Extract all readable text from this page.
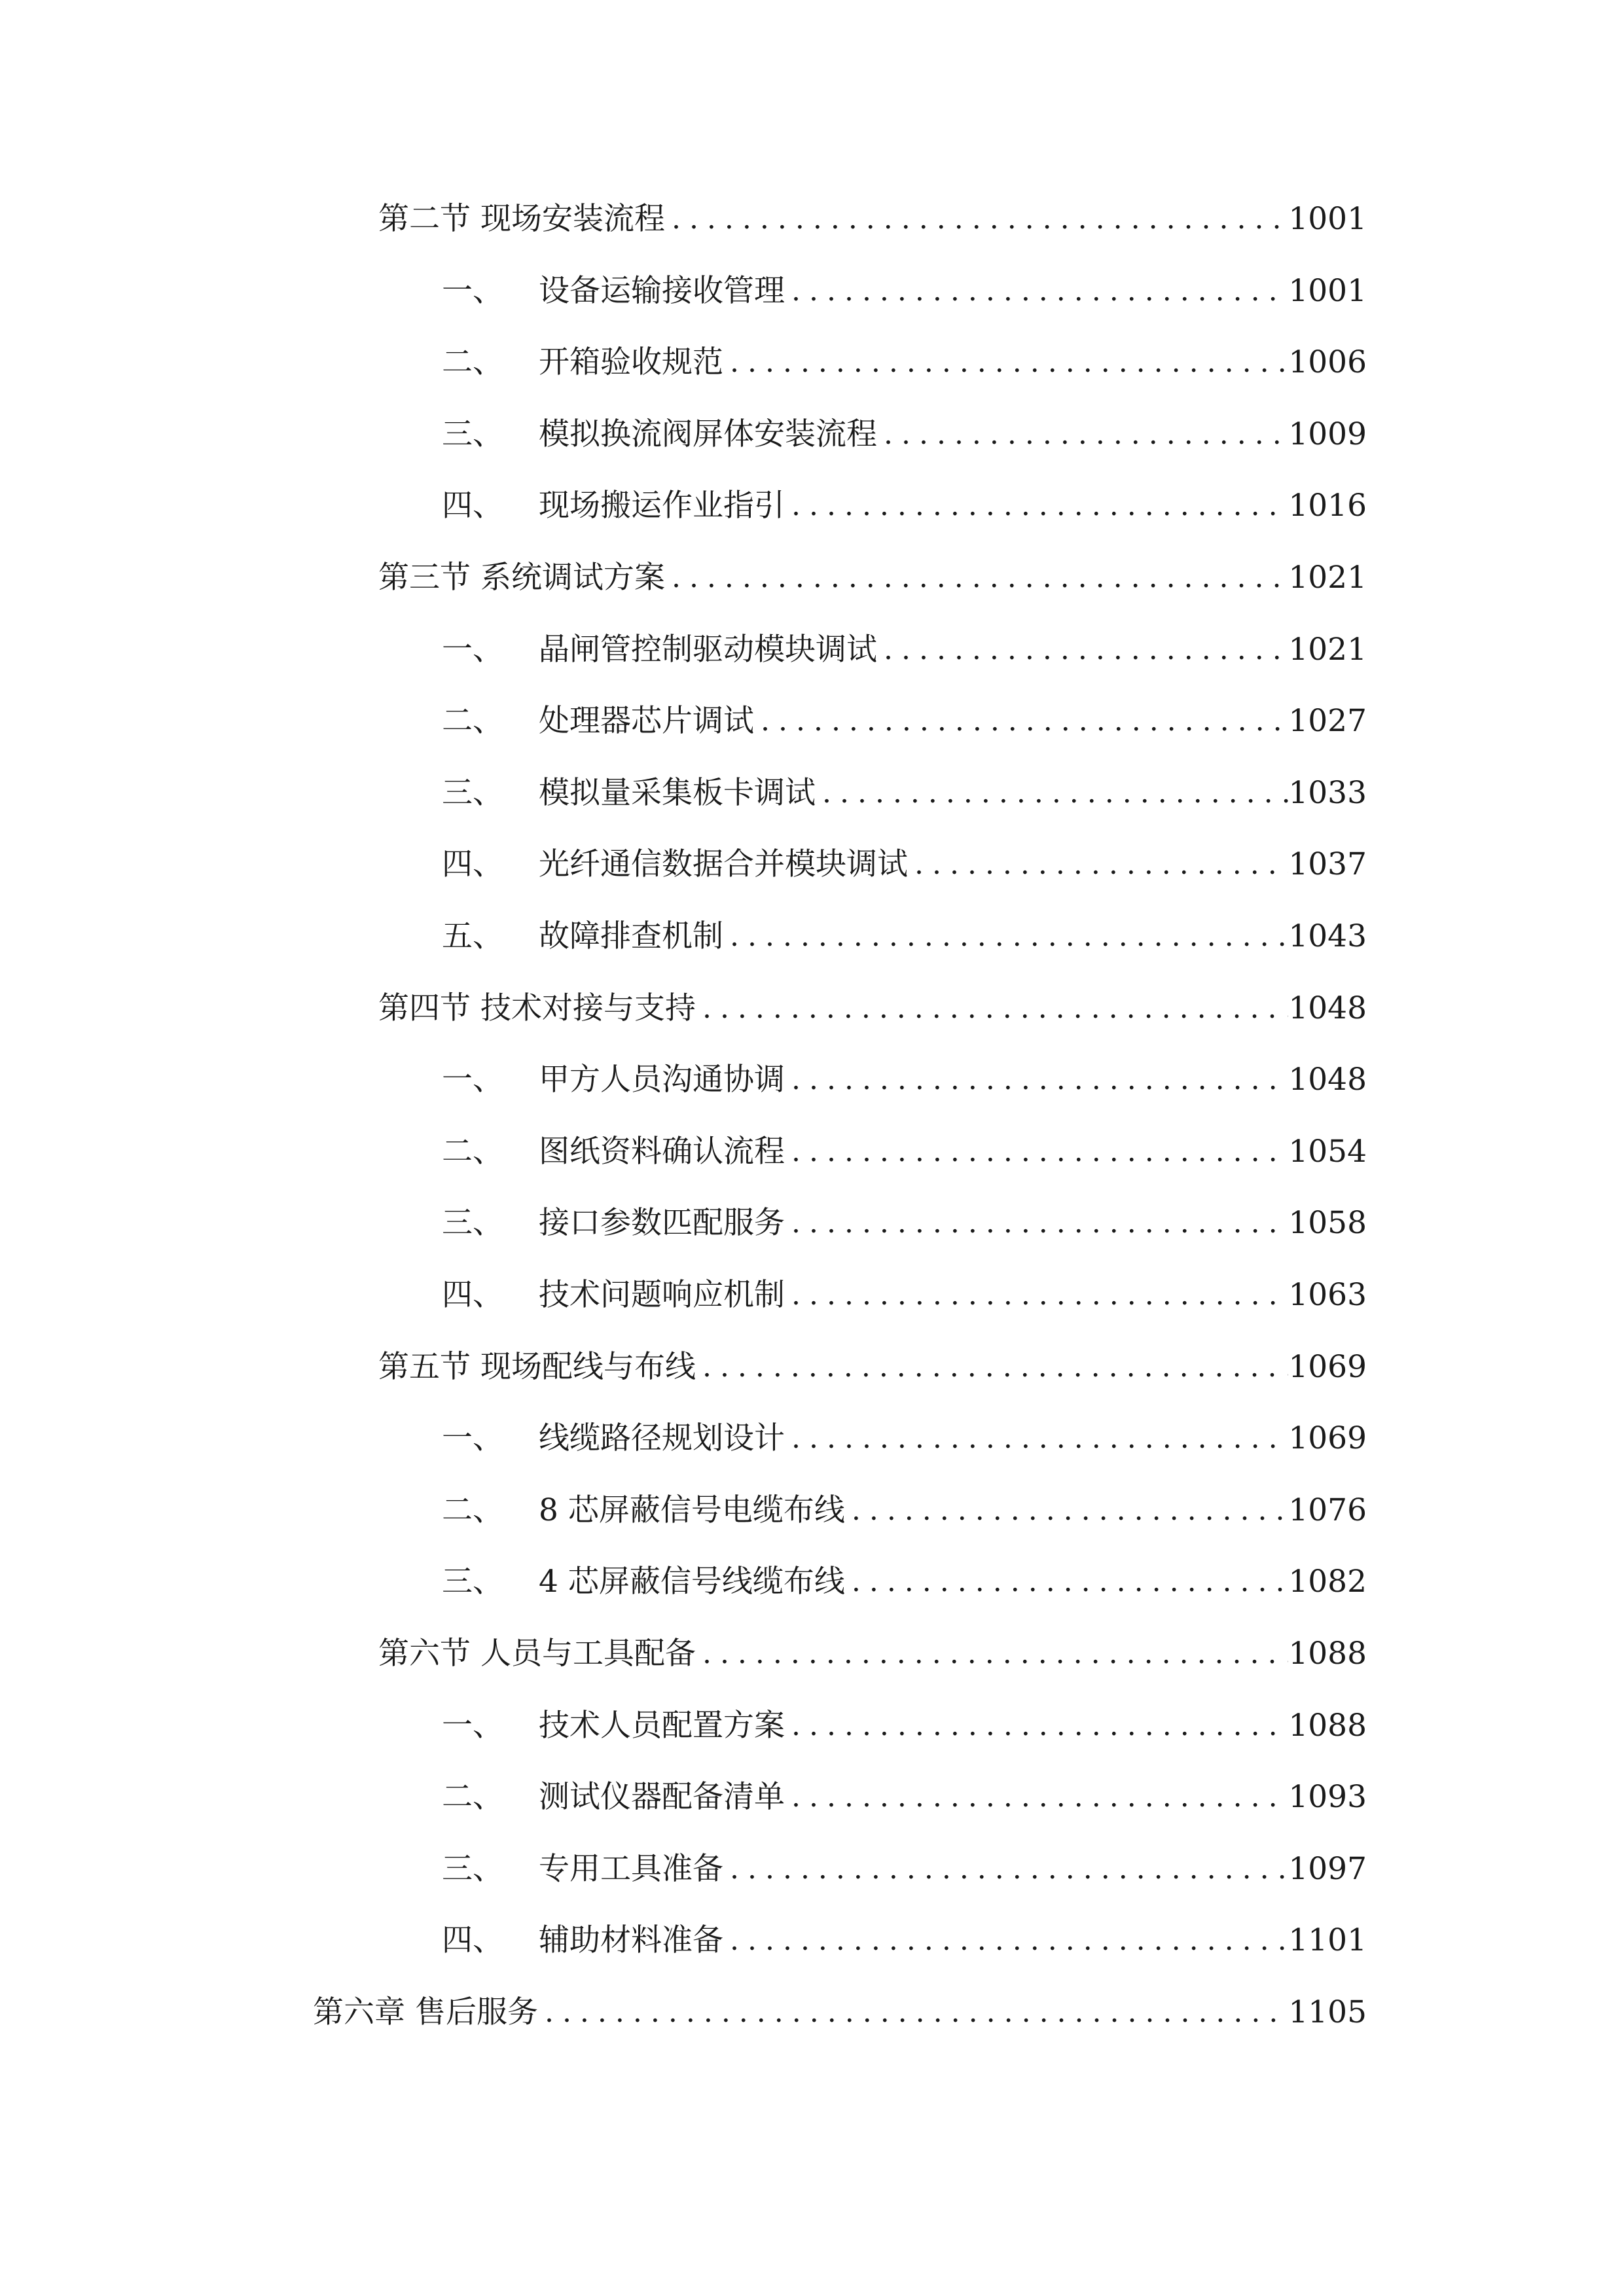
第二节 现场安装流程 .....	1001
一、	设备运输接收管理 .....	1001
二、	开箱验收规范 .....	1006
三、	模拟换流阀屏体安装流程 .....	1009
四、	现场搬运作业指引 .....	1016
第三节 系统调试方案 .....	1021
一、	晶闸管控制驱动模块调试 .....	1021
二、	处理器芯片调试 .....	1027
三、	模拟量采集板卡调试 .....	1033
四、	光纤通信数据合并模块调试 .....	1037
五、	故障排查机制 .....	1043
第四节 技术对接与支持 .....	1048
一、	甲方人员沟通协调 .....	1048
二、	图纸资料确认流程 .....	1054
三、	接口参数匹配服务 .....	1058
四、	技术问题响应机制 .....	1063
第五节 现场配线与布线 .....	1069
一、	线缆路径规划设计 .....	1069
二、	8 芯屏蔽信号电缆布线 .....	1076
三、	4 芯屏蔽信号线缆布线 .....	1082
第六节 人员与工具配备 .....	1088
一、	技术人员配置方案 .....	1088
二、	测试仪器配备清单 .....	1093
三、	专用工具准备 .....	1097
四、	辅助材料准备 .....	1101
第六章 售后服务 .....	1105
